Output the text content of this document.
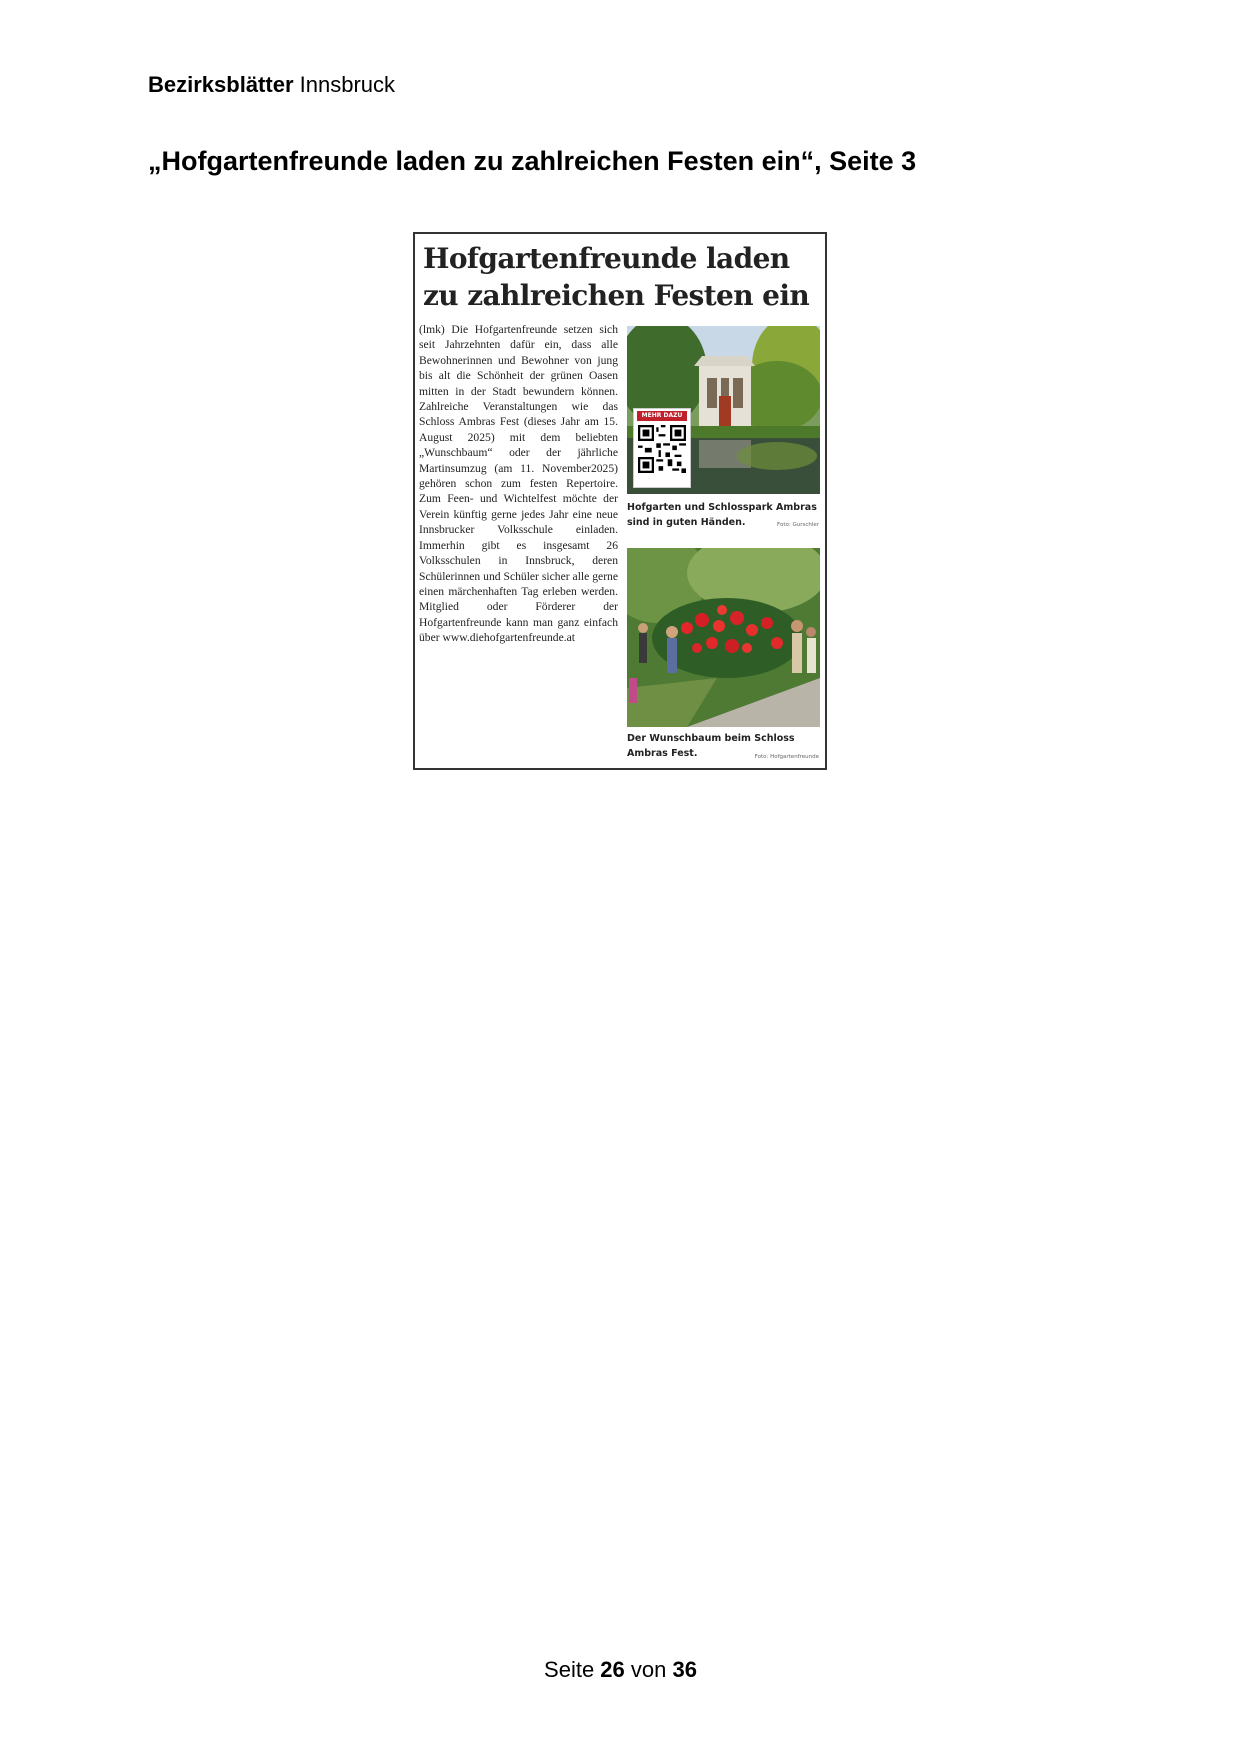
Bezirksblätter Innsbruck
„Hofgartenfreunde laden zu zahlreichen Festen ein“, Seite 3
Hofgartenfreunde laden zu zahlreichen Festen ein
(lmk) Die Hofgartenfreunde setzen sich seit Jahrzehnten dafür ein, dass alle Bewohnerinnen und Bewohner von jung bis alt die Schönheit der grünen Oasen mitten in der Stadt bewundern können. Zahlreiche Veranstaltungen wie das Schloss Ambras Fest (dieses Jahr am 15. August 2025) mit dem beliebten „Wunschbaum“ oder der jährliche Martinsumzug (am 11. November2025) gehören schon zum festen Repertoire. Zum Feen- und Wichtelfest möchte der Verein künftig gerne jedes Jahr eine neue Innsbrucker Volksschule einladen. Immerhin gibt es insgesamt 26 Volksschulen in Innsbruck, deren Schülerinnen und Schüler sicher alle gerne einen märchenhaften Tag erleben werden. Mitglied oder Förderer der Hofgartenfreunde kann man ganz einfach über www.diehofgartenfreunde.at
MEHR DAZU
Hofgarten und Schlosspark Ambras sind in guten Händen.	Foto: Gurschler
Der Wunschbaum beim Schloss Ambras Fest.	Foto: Hofgartenfreunde
Seite 26 von 36
